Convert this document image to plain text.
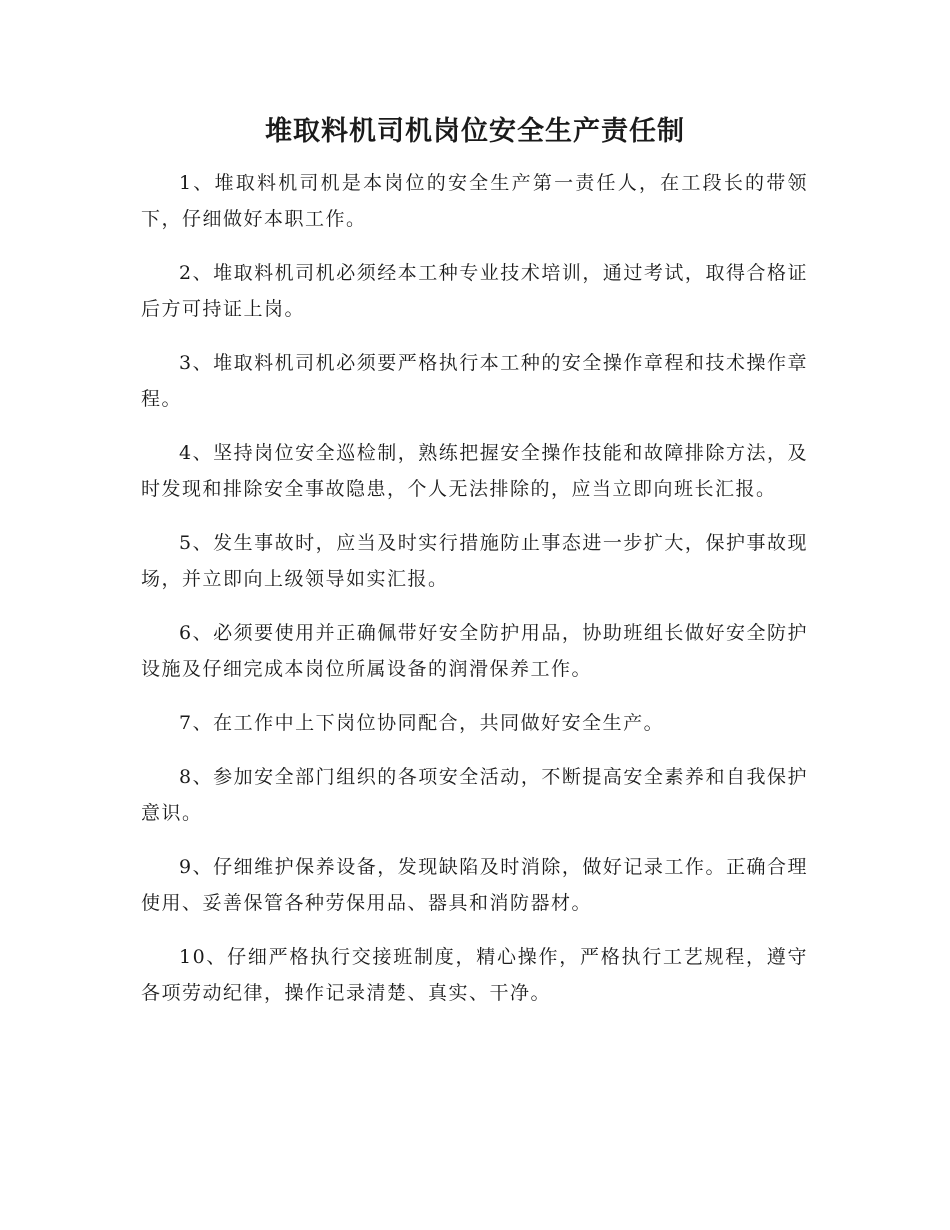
堆取料机司机岗位安全生产责任制
1、堆取料机司机是本岗位的安全生产第一责任人，在工段长的带领下，仔细做好本职工作。
2、堆取料机司机必须经本工种专业技术培训，通过考试，取得合格证后方可持证上岗。
3、堆取料机司机必须要严格执行本工种的安全操作章程和技术操作章程。
4、坚持岗位安全巡检制，熟练把握安全操作技能和故障排除方法，及时发现和排除安全事故隐患，个人无法排除的，应当立即向班长汇报。
5、发生事故时，应当及时实行措施防止事态进一步扩大，保护事故现场，并立即向上级领导如实汇报。
6、必须要使用并正确佩带好安全防护用品，协助班组长做好安全防护设施及仔细完成本岗位所属设备的润滑保养工作。
7、在工作中上下岗位协同配合，共同做好安全生产。
8、参加安全部门组织的各项安全活动，不断提高安全素养和自我保护意识。
9、仔细维护保养设备，发现缺陷及时消除，做好记录工作。正确合理使用、妥善保管各种劳保用品、器具和消防器材。
10、仔细严格执行交接班制度，精心操作，严格执行工艺规程，遵守各项劳动纪律，操作记录清楚、真实、干净。
